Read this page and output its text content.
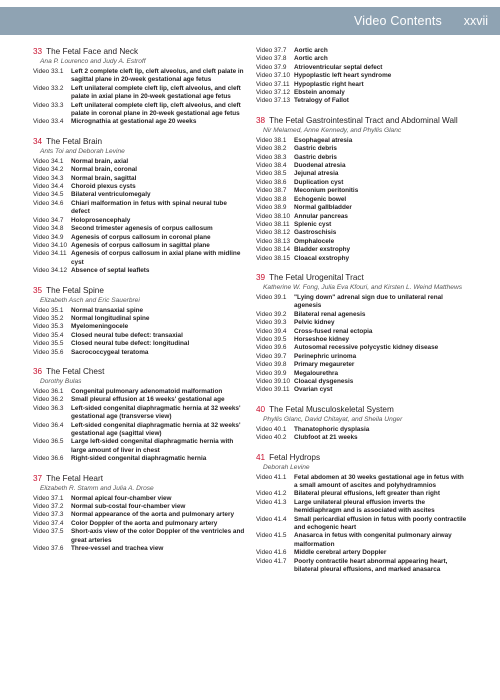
Video Contents xxvii
33 The Fetal Face and Neck
Ana P. Lourenco and Judy A. Estroff
Video 33.1	Left 2 complete cleft lip, cleft alveolus, and cleft palate in sagittal plane in 20-week gestational age fetus
Video 33.2	Left unilateral complete cleft lip, cleft alveolus, and cleft palate in axial plane in 20-week gestational age fetus
Video 33.3	Left unilateral complete cleft lip, cleft alveolus, and cleft palate in coronal plane in 20-week gestational age fetus
Video 33.4	Micrognathia at gestational age 20 weeks
34 The Fetal Brain
Ants Toi and Deborah Levine
Video 34.1	Normal brain, axial
Video 34.2	Normal brain, coronal
Video 34.3	Normal brain, sagittal
Video 34.4	Choroid plexus cysts
Video 34.5	Bilateral ventriculomegaly
Video 34.6	Chiari malformation in fetus with spinal neural tube defect
Video 34.7	Holoprosencephaly
Video 34.8	Second trimester agenesis of corpus callosum
Video 34.9	Agenesis of corpus callosum in coronal plane
Video 34.10 Agenesis of corpus callosum in sagittal plane
Video 34.11 Agenesis of corpus callosum in axial plane with midline cyst
Video 34.12 Absence of septal leaflets
35 The Fetal Spine
Elizabeth Asch and Eric Sauerbrei
Video 35.1	Normal transaxial spine
Video 35.2	Normal longitudinal spine
Video 35.3	Myelomeningocele
Video 35.4	Closed neural tube defect: transaxial
Video 35.5	Closed neural tube defect: longitudinal
Video 35.6	Sacrococcygeal teratoma
36 The Fetal Chest
Dorothy Bulas
Video 36.1	Congenital pulmonary adenomatoid malformation
Video 36.2	Small pleural effusion at 16 weeks' gestational age
Video 36.3	Left-sided congenital diaphragmatic hernia at 32 weeks' gestational age (transverse view)
Video 36.4	Left-sided congenital diaphragmatic hernia at 32 weeks' gestational age (sagittal view)
Video 36.5	Large left-sided congenital diaphragmatic hernia with large amount of liver in chest
Video 36.6	Right-sided congenital diaphragmatic hernia
37 The Fetal Heart
Elizabeth R. Stamm and Julia A. Drose
Video 37.1	Normal apical four-chamber view
Video 37.2	Normal sub-costal four-chamber view
Video 37.3	Normal appearance of the aorta and pulmonary artery
Video 37.4	Color Doppler of the aorta and pulmonary artery
Video 37.5	Short-axis view of the color Doppler of the ventricles and great arteries
Video 37.6	Three-vessel and trachea view
Video 37.7	Aortic arch
Video 37.8	Aortic arch
Video 37.9	Atrioventricular septal defect
Video 37.10 Hypoplastic left heart syndrome
Video 37.11 Hypoplastic right heart
Video 37.12 Ebstein anomaly
Video 37.13 Tetralogy of Fallot
38 The Fetal Gastrointestinal Tract and Abdominal Wall
Nir Melamed, Anne Kennedy, and Phyllis Glanc
Video 38.1	Esophageal atresia
Video 38.2	Gastric debris
Video 38.3	Gastric debris
Video 38.4	Duodenal atresia
Video 38.5	Jejunal atresia
Video 38.6	Duplication cyst
Video 38.7	Meconium peritonitis
Video 38.8	Echogenic bowel
Video 38.9	Normal gallbladder
Video 38.10 Annular pancreas
Video 38.11 Splenic cyst
Video 38.12 Gastroschisis
Video 38.13 Omphalocele
Video 38.14 Bladder exstrophy
Video 38.15 Cloacal exstrophy
39 The Fetal Urogenital Tract
Katherine W. Fong, Julia Eva Kfouri, and Kirsten L. Weind Matthews
Video 39.1	"Lying down" adrenal sign due to unilateral renal agenesis
Video 39.2	Bilateral renal agenesis
Video 39.3	Pelvic kidney
Video 39.4	Cross-fused renal ectopia
Video 39.5	Horseshoe kidney
Video 39.6	Autosomal recessive polycystic kidney disease
Video 39.7	Perinephric urinoma
Video 39.8	Primary megaureter
Video 39.9	Megalourethra
Video 39.10 Cloacal dysgenesis
Video 39.11 Ovarian cyst
40 The Fetal Musculoskeletal System
Phyllis Glanc, David Chitayat, and Sheila Unger
Video 40.1	Thanatophoric dysplasia
Video 40.2	Clubfoot at 21 weeks
41 Fetal Hydrops
Deborah Levine
Video 41.1	Fetal abdomen at 30 weeks gestational age in fetus with a small amount of ascites and polyhydramnios
Video 41.2	Bilateral pleural effusions, left greater than right
Video 41.3	Large unilateral pleural effusion inverts the hemidiaphragm and is associated with ascites
Video 41.4	Small pericardial effusion in fetus with poorly contractile and echogenic heart
Video 41.5	Anasarca in fetus with congenital pulmonary airway malformation
Video 41.6	Middle cerebral artery Doppler
Video 41.7	Poorly contractile heart abnormal appearing heart, bilateral pleural effusions, and marked anasarca
